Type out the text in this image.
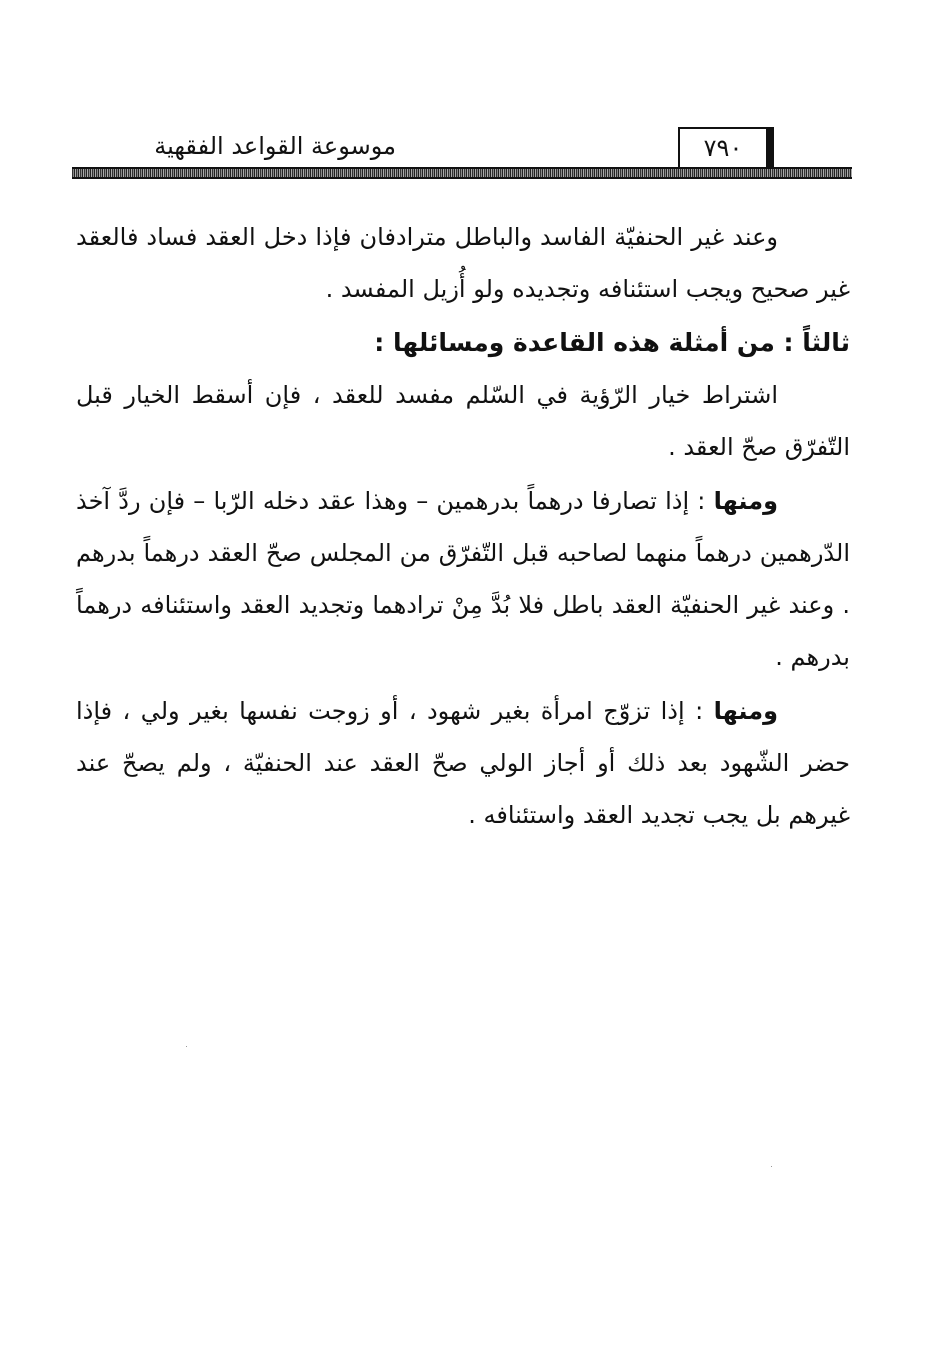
موسوعة القواعد الفقهية	٧٩٠

وعند غير الحنفيّة الفاسد والباطل مترادفان فإذا دخل العقد فساد فالعقد غير صحيح ويجب استئنافه وتجديده ولو أُزيل المفسد .

ثالثاً : من أمثلة هذه القاعدة ومسائلها :

اشتراط خيار الرّؤية في السّلم مفسد للعقد ، فإن أسقط الخيار قبل التّفرّق صحّ العقد .

ومنها : إذا تصارفا درهماً بدرهمين – وهذا عقد دخله الرّبا – فإن ردَّ آخذ الدّرهمين درهماً منهما لصاحبه قبل التّفرّق من المجلس صحّ العقد درهماً بدرهم . وعند غير الحنفيّة العقد باطل فلا بُدَّ مِنْ ترادهما وتجديد العقد واستئنافه درهماً بدرهم .

ومنها : إذا تزوّج امرأة بغير شهود ، أو زوجت نفسها بغير ولي ، فإذا حضر الشّهود بعد ذلك أو أجاز الولي صحّ العقد عند الحنفيّة ، ولم يصحّ عند غيرهم بل يجب تجديد العقد واستئنافه .
